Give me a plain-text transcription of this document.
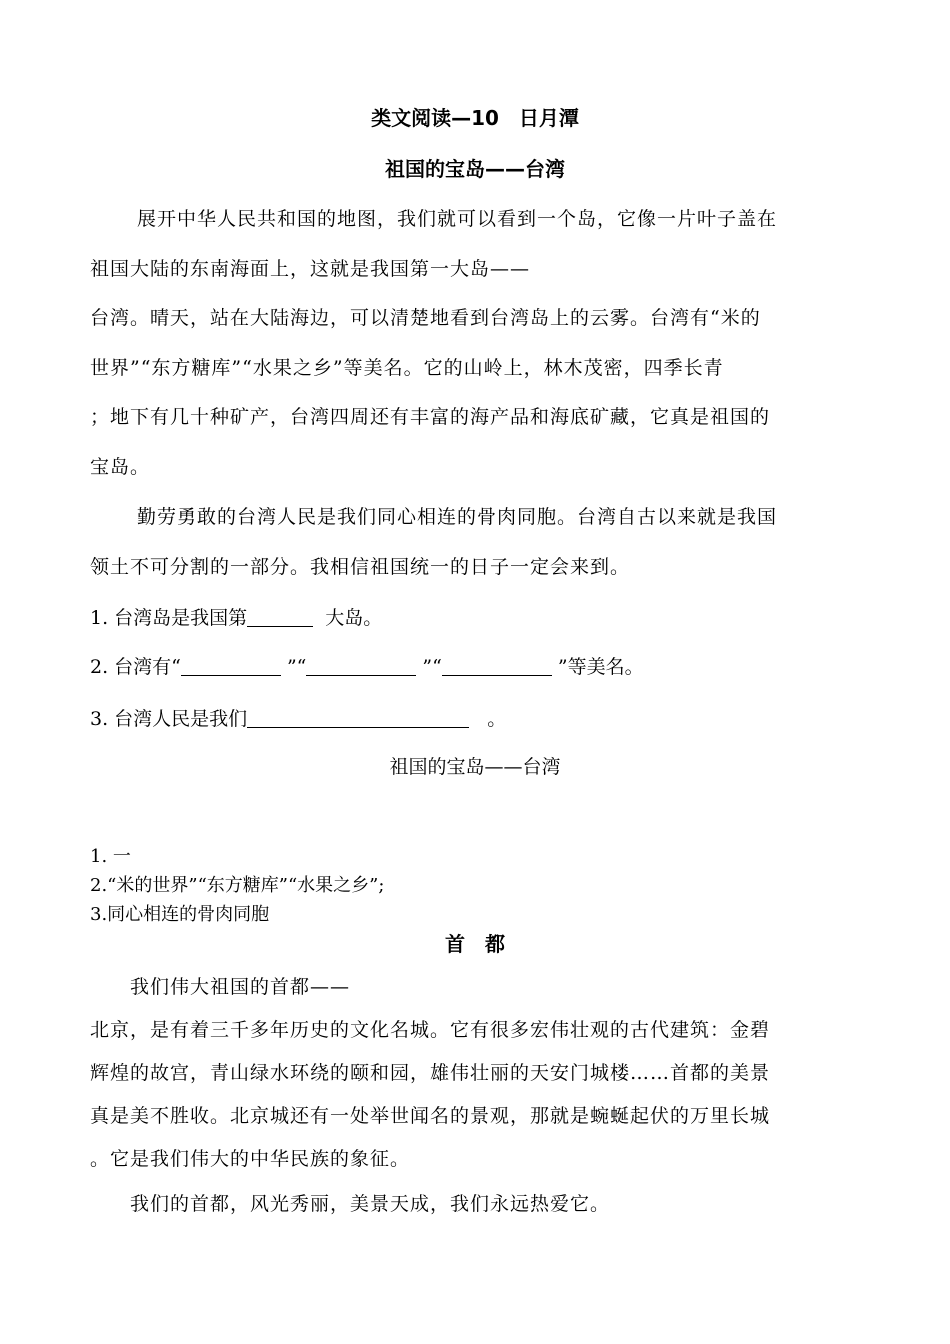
类文阅读—10　日月潭
祖国的宝岛——台湾
展开中华人民共和国的地图，我们就可以看到一个岛，它像一片叶子盖在
祖国大陆的东南海面上，这就是我国第一大岛——
台湾。晴天，站在大陆海边，可以清楚地看到台湾岛上的云雾。台湾有“米的
世界”“东方糖库”“水果之乡”等美名。它的山岭上，林木茂密，四季长青
；地下有几十种矿产，台湾四周还有丰富的海产品和海底矿藏，它真是祖国的
宝岛。
勤劳勇敢的台湾人民是我们同心相连的骨肉同胞。台湾自古以来就是我国
领土不可分割的一部分。我相信祖国统一的日子一定会来到。
1. 台湾岛是我国第	大岛。
2. 台湾有“	”“	”“	”等美名。
3. 台湾人民是我们	。
祖国的宝岛——台湾
1. 一
2.“米的世界”“东方糖库”“水果之乡”;
3.同心相连的骨肉同胞
首　都
我们伟大祖国的首都——
北京，是有着三千多年历史的文化名城。它有很多宏伟壮观的古代建筑：金碧
辉煌的故宫，青山绿水环绕的颐和园，雄伟壮丽的天安门城楼……首都的美景
真是美不胜收。北京城还有一处举世闻名的景观，那就是蜿蜒起伏的万里长城
。它是我们伟大的中华民族的象征。
我们的首都，风光秀丽，美景天成，我们永远热爱它。
